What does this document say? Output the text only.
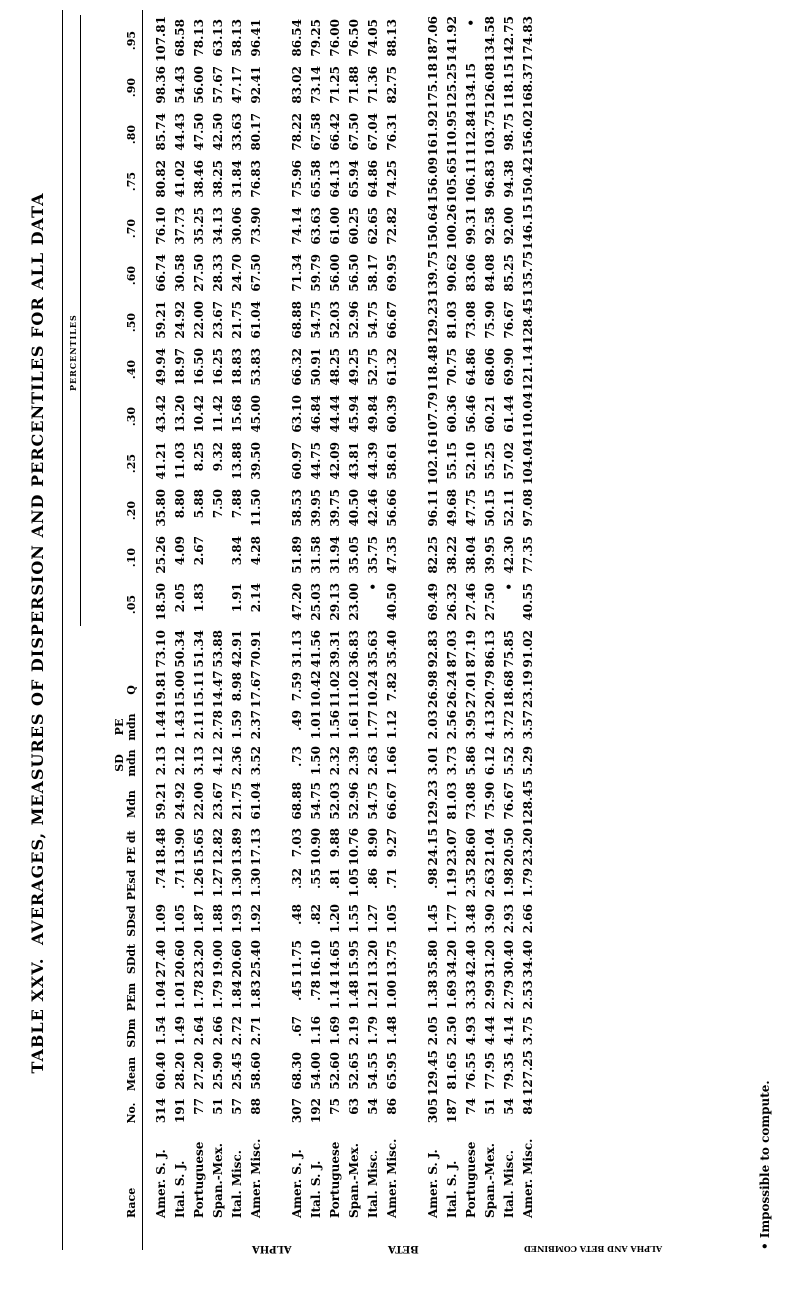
TABLE XXV. AVERAGES, MEASURES OF DISPERSION AND PERCENTILES FOR ALL DATA
Race
No.
Mean
SDm
PEm
SDdt
SDsd
PEsd
PE dt
Mdn
SD mdn
PE mdn
Q
PERCENTILES
.05
.10
.20
.25
.30
.40
.50
.60
.70
.75
.80
.90
.95
Amer. S. J.
314
60.40
1.54
1.04
27.40
1.09
.74
18.48
59.21
2.13
1.44
19.81
73.10
18.50
25.26
35.80
41.21
43.42
49.94
59.21
66.74
76.10
80.82
85.74
98.36
107.81
Ital. S. J.
191
28.20
1.49
1.01
20.60
1.05
.71
13.90
24.92
2.12
1.43
15.00
50.34
2.05
4.09
8.80
11.03
13.20
18.97
24.92
30.58
37.73
41.02
44.43
54.43
68.58
Portuguese
77
27.20
2.64
1.78
23.20
1.87
1.26
15.65
22.00
3.13
2.11
15.11
51.34
1.83
2.67
5.88
8.25
10.42
16.50
22.00
27.50
35.25
38.46
47.50
56.00
78.13
Span.-Mex.
51
25.90
2.66
1.79
19.00
1.88
1.27
12.82
23.67
4.12
2.78
14.47
53.88
7.50
9.32
11.42
16.25
23.67
28.33
34.13
38.25
42.50
57.67
63.13
Ital. Misc.
57
25.45
2.72
1.84
20.60
1.93
1.30
13.89
21.75
2.36
1.59
8.98
42.91
1.91
3.84
7.88
13.88
15.68
18.83
21.75
24.70
30.06
31.84
33.63
47.17
58.13
Amer. Misc.
88
58.60
2.71
1.83
25.40
1.92
1.30
17.13
61.04
3.52
2.37
17.67
70.91
2.14
4.28
11.50
39.50
45.00
53.83
61.04
67.50
73.90
76.83
80.17
92.41
96.41
ALPHA
Amer. S. J.
307
68.30
.67
.45
11.75
.48
.32
7.03
68.88
.73
.49
7.59
31.13
47.20
51.89
58.53
60.97
63.10
66.32
68.88
71.34
74.14
75.96
78.22
83.02
86.54
Ital. S. J.
192
54.00
1.16
.78
16.10
.82
.55
10.90
54.75
1.50
1.01
10.42
41.56
25.03
31.58
39.95
44.75
46.84
50.91
54.75
59.79
63.63
65.58
67.58
73.14
79.25
Portuguese
75
52.60
1.69
1.14
14.65
1.20
.81
9.88
52.03
2.32
1.56
11.02
39.31
29.13
31.94
39.75
42.09
44.44
48.25
52.03
56.00
61.00
64.13
66.42
71.25
76.00
Span.-Mex.
63
52.65
2.19
1.48
15.95
1.55
1.05
10.76
52.96
2.39
1.61
11.02
36.83
23.00
35.05
40.50
43.81
45.94
49.25
52.96
56.50
60.25
65.94
67.50
71.88
76.50
Ital. Misc.
54
54.55
1.79
1.21
13.20
1.27
.86
8.90
54.75
2.63
1.77
10.24
35.63
•
35.75
42.46
44.39
49.84
52.75
54.75
58.17
62.65
64.86
67.04
71.36
74.05
Amer. Misc.
86
65.95
1.48
1.00
13.75
1.05
.71
9.27
66.67
1.66
1.12
7.82
35.40
40.50
47.35
56.66
58.61
60.39
61.32
66.67
69.95
72.82
74.25
76.31
82.75
88.13
BETA
Amer. S. J.
305
129.45
2.05
1.38
35.80
1.45
.98
24.15
129.23
3.01
2.03
26.98
92.83
69.49
82.25
96.11
102.16
107.79
118.48
129.23
139.75
150.64
156.09
161.92
175.18
187.06
Ital. S. J.
187
81.65
2.50
1.69
34.20
1.77
1.19
23.07
81.03
3.73
2.56
26.24
87.03
26.32
38.22
49.68
55.15
60.36
70.75
81.03
90.62
100.26
105.65
110.95
125.25
141.92
Portuguese
74
76.55
4.93
3.33
42.40
3.48
2.35
28.60
73.08
5.86
3.95
27.01
87.19
27.46
38.04
47.75
52.10
56.46
64.86
73.08
83.06
99.31
106.11
112.84
134.15
•
Span.-Mex.
51
77.95
4.44
2.99
31.20
3.90
2.63
21.04
75.90
6.12
4.13
20.79
86.13
27.50
39.95
50.15
55.25
60.21
68.06
75.90
84.08
92.58
96.83
103.75
126.08
134.58
Ital. Misc.
54
79.35
4.14
2.79
30.40
2.93
1.98
20.50
76.67
5.52
3.72
18.68
75.85
•
42.30
52.11
57.02
61.44
69.90
76.67
85.25
92.00
94.38
98.75
118.15
142.75
Amer. Misc.
84
127.25
3.75
2.53
34.40
2.66
1.79
23.20
128.45
5.29
3.57
23.19
91.02
40.55
77.35
97.08
104.04
110.04
121.14
128.45
135.75
146.15
150.42
156.02
168.37
174.83
ALPHA AND BETA COMBINED	• Impossible to compute.
